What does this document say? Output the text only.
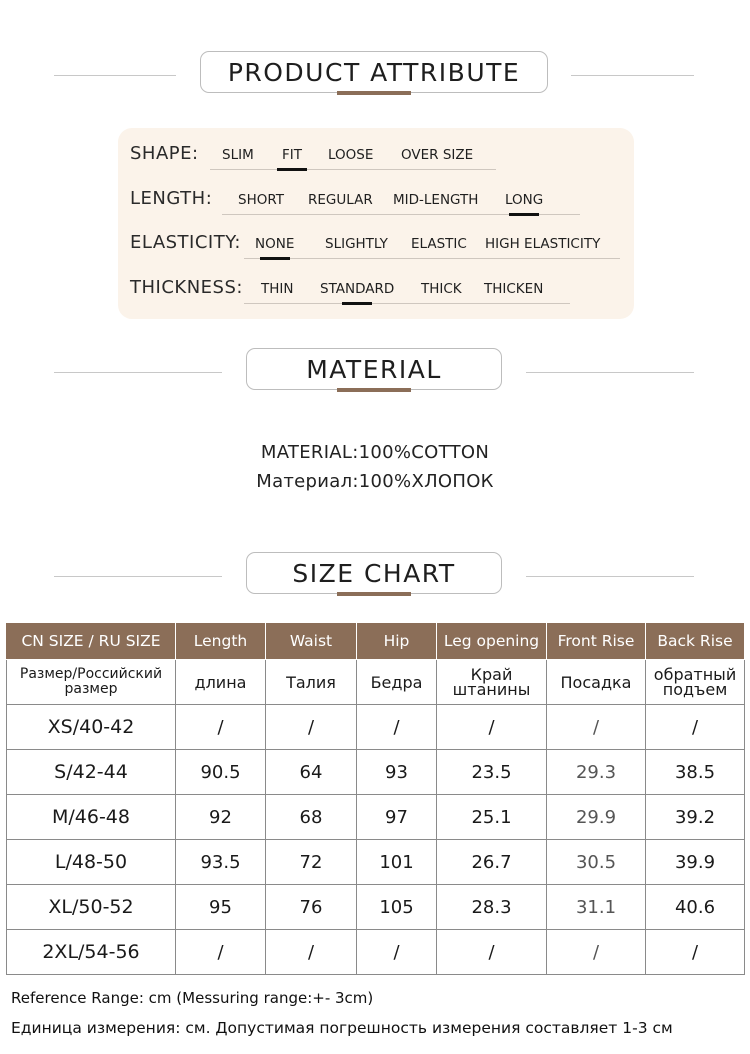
PRODUCT ATTRIBUTE
SHAPE: SLIM FIT LOOSE OVER SIZE
LENGTH: SHORT REGULAR MID-LENGTH LONG
ELASTICITY: NONE SLIGHTLY ELASTIC HIGH ELASTICITY
THICKNESS: THIN STANDARD THICK THICKEN
MATERIAL
MATERIAL:100%COTTON
Материал:100%ХЛОПОК
SIZE CHART
CN SIZE / RU SIZE	Length	Waist	Hip	Leg opening	Front Rise	Back Rise
Размер/Российский размер	длина	Талия	Бедра	Край штанины	Посадка	обратный подъем
XS/40-42	/	/	/	/	/	/
S/42-44	90.5	64	93	23.5	29.3	38.5
M/46-48	92	68	97	25.1	29.9	39.2
L/48-50	93.5	72	101	26.7	30.5	39.9
XL/50-52	95	76	105	28.3	31.1	40.6
2XL/54-56	/	/	/	/	/	/
Reference Range: cm (Messuring range:+- 3cm)
Единица измерения: см. Допустимая погрешность измерения составляет 1-3 см
